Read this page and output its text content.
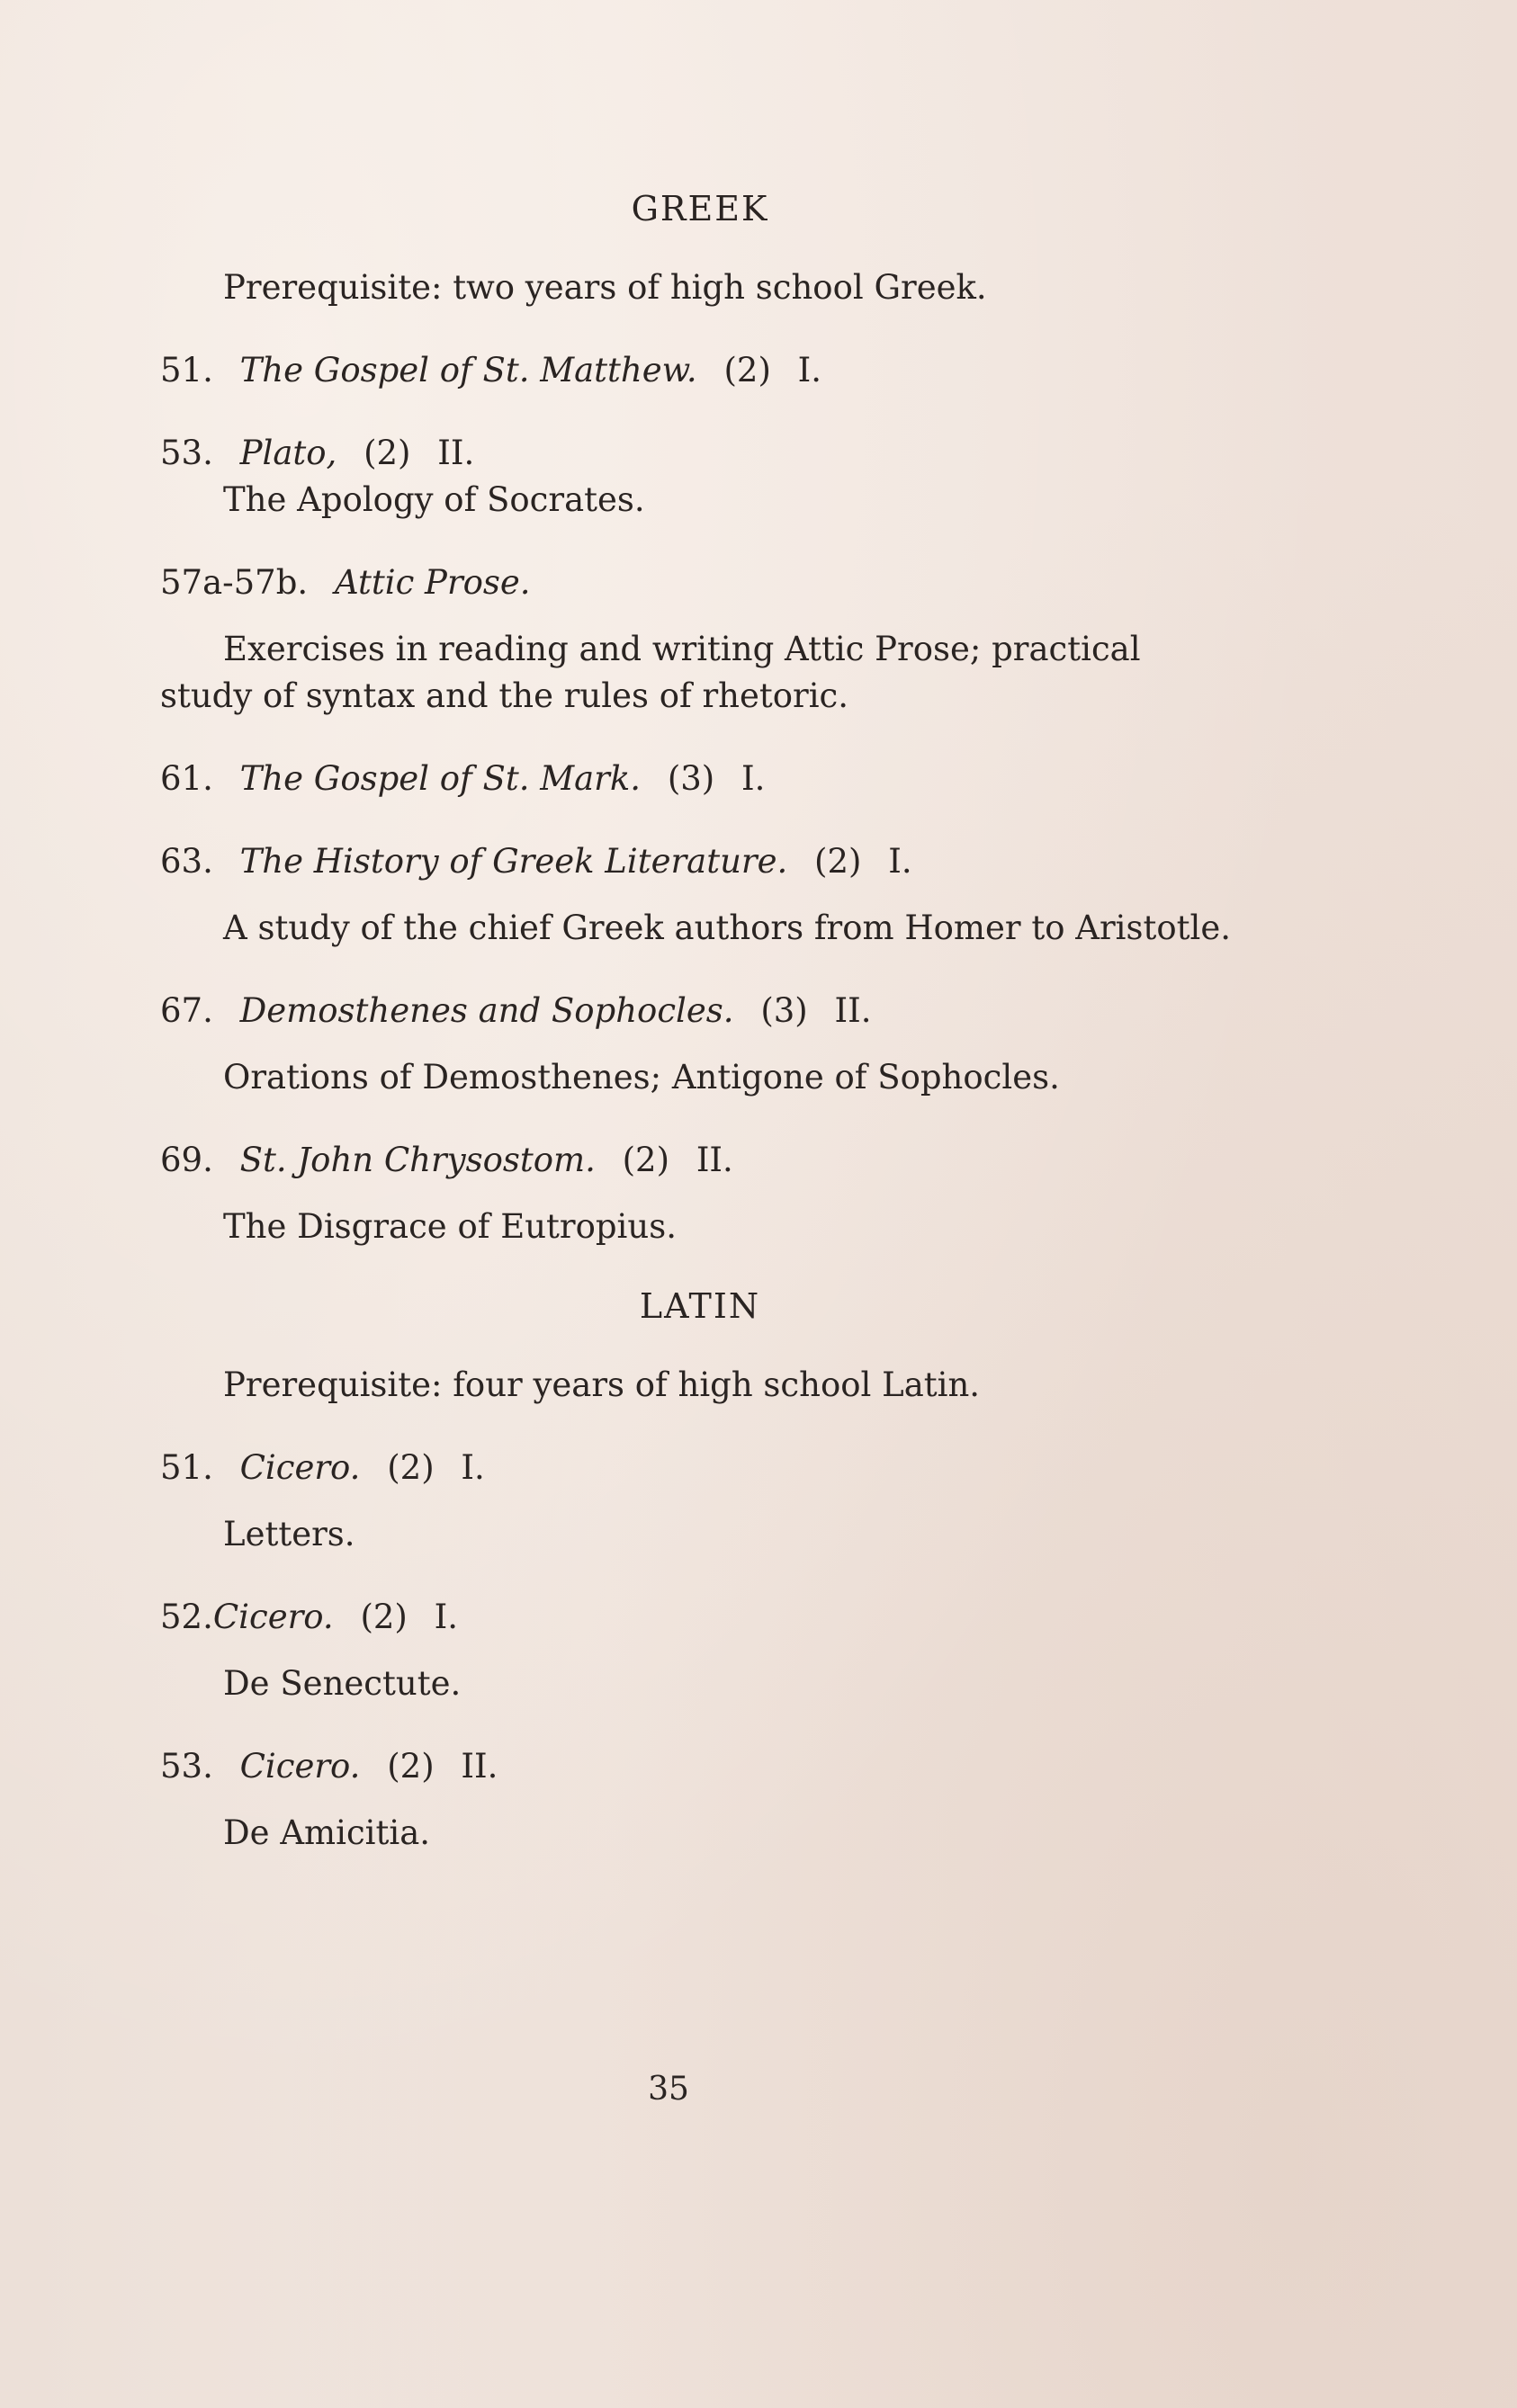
GREEK
Prerequisite: two years of high school Greek.
51. The Gospel of St. Matthew. (2) I.
53. Plato, (2) II.
The Apology of Socrates.
57a-57b. Attic Prose.
Exercises in reading and writing Attic Prose; practical study of syntax and the rules of rhetoric.
61. The Gospel of St. Mark. (3) I.
63. The History of Greek Literature. (2) I.
A study of the chief Greek authors from Homer to Aristotle.
67. Demosthenes and Sophocles. (3) II.
Orations of Demosthenes; Antigone of Sophocles.
69. St. John Chrysostom. (2) II.
The Disgrace of Eutropius.
LATIN
Prerequisite: four years of high school Latin.
51. Cicero. (2) I.
Letters.
52.Cicero. (2) I.
De Senectute.
53. Cicero. (2) II.
De Amicitia.
35
